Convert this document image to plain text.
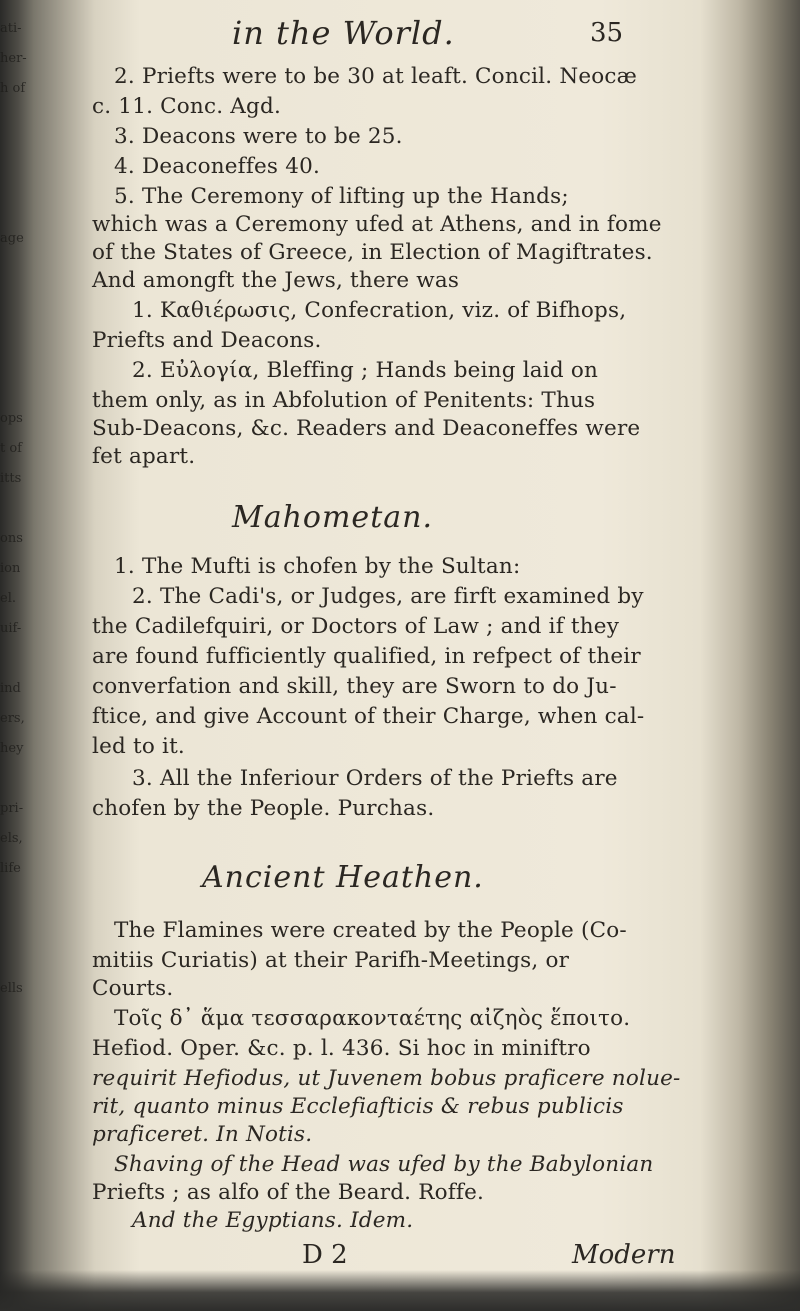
ati-
her-
h of
age
ops
t of
itts
ons
ion
el.
uif-
ind
ers,
hey
pri-
els,
life
ells
in the World.	35
2. Priefts were to be 30 at leaft. Concil. Neocӕ
c. 11. Conc. Agd.
3. Deacons were to be 25.
4. Deaconeffes 40.
5. The Ceremony of lifting up the Hands;
which was a Ceremony ufed at Athens, and in fome
of the States of Greece, in Election of Magiftrates.
And amongft the Jews, there was
1. Καθιέρωσις, Confecration, viz. of Bifhops,
Priefts and Deacons.
2. Εὐλογία, Bleffing ; Hands being laid on
them only, as in Abfolution of Penitents: Thus
Sub-Deacons, &c. Readers and Deaconeffes were
fet apart.
Mahometan.
1. The Mufti is chofen by the Sultan:
2. The Cadi's, or Judges, are firft examined by
the Cadilefquiri, or Doctors of Law ; and if they
are found fufficiently qualified, in refpect of their
converfation and skill, they are Sworn to do Ju-
ftice, and give Account of their Charge, when cal-
led to it.
3. All the Inferiour Orders of the Priefts are
chofen by the People. Purchas.
Ancient Heathen.
The Flamines were created by the People (Co-
mitiis Curiatis) at their Parifh-Meetings, or
Courts.
Τοῖς δ᾽ ἅμα τεσσαρακονταέτης αἰζηὸς ἕποιτο.
Hefiod. Oper. &c. p. l. 436. Si hoc in miniftro
requirit Hefiodus, ut Juvenem bobus praficere nolue-
rit, quanto minus Ecclefiafticis & rebus publicis
praficeret. In Notis.
Shaving of the Head was ufed by the Babylonian
Priefts ; as alfo of the Beard. Roffe.
And the Egyptians. Idem.
D 2	Modern
